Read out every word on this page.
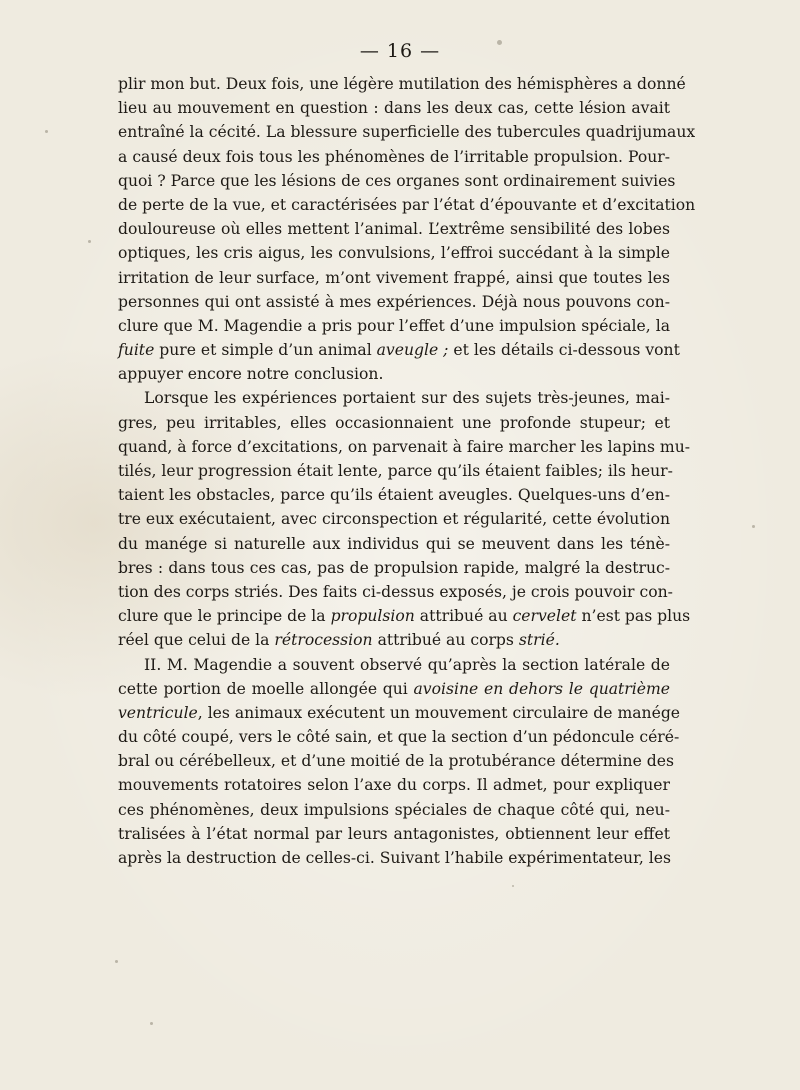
— 16 —
plir mon but. Deux fois, une légère mutilation des hémisphères a donné
lieu au mouvement en question : dans les deux cas, cette lésion avait
entraîné la cécité. La blessure superficielle des tubercules quadrijumaux
a causé deux fois tous les phénomènes de l’irritable propulsion. Pour-
quoi ? Parce que les lésions de ces organes sont ordinairement suivies
de perte de la vue, et caractérisées par l’état d’épouvante et d’excitation
douloureuse où elles mettent l’animal. L’extrême sensibilité des lobes
optiques, les cris aigus, les convulsions, l’effroi succédant à la simple
irritation de leur surface, m’ont vivement frappé, ainsi que toutes les
personnes qui ont assisté à mes expériences. Déjà nous pouvons con-
clure que M. Magendie a pris pour l’effet d’une impulsion spéciale, la
fuite pure et simple d’un animal aveugle ; et les détails ci-dessous vont
appuyer encore notre conclusion.
Lorsque les expériences portaient sur des sujets très-jeunes, mai-
gres, peu irritables, elles occasionnaient une profonde stupeur; et
quand, à force d’excitations, on parvenait à faire marcher les lapins mu-
tilés, leur progression était lente, parce qu’ils étaient faibles; ils heur-
taient les obstacles, parce qu’ils étaient aveugles. Quelques-uns d’en-
tre eux exécutaient, avec circonspection et régularité, cette évolution
du manége si naturelle aux individus qui se meuvent dans les ténè-
bres : dans tous ces cas, pas de propulsion rapide, malgré la destruc-
tion des corps striés. Des faits ci-dessus exposés, je crois pouvoir con-
clure que le principe de la propulsion attribué au cervelet n’est pas plus
réel que celui de la rétrocession attribué au corps strié.
II. M. Magendie a souvent observé qu’après la section latérale de
cette portion de moelle allongée qui avoisine en dehors le quatrième
ventricule, les animaux exécutent un mouvement circulaire de manége
du côté coupé, vers le côté sain, et que la section d’un pédoncule céré-
bral ou cérébelleux, et d’une moitié de la protubérance détermine des
mouvements rotatoires selon l’axe du corps. Il admet, pour expliquer
ces phénomènes, deux impulsions spéciales de chaque côté qui, neu-
tralisées à l’état normal par leurs antagonistes, obtiennent leur effet
après la destruction de celles-ci. Suivant l’habile expérimentateur, les
